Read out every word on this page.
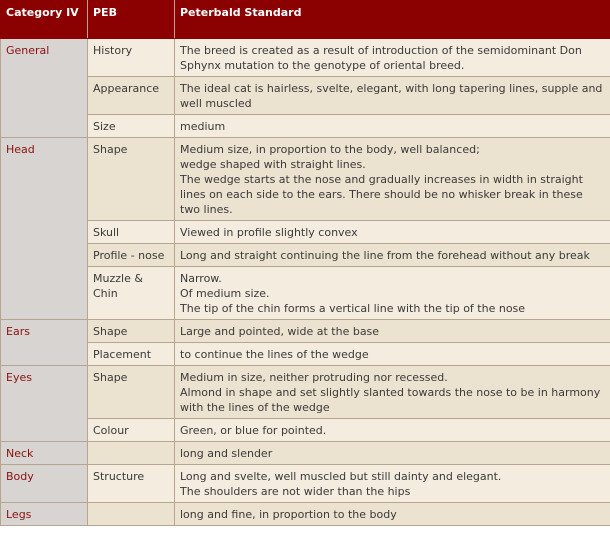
Category IV	PEB	Peterbald Standard
General	History	The breed is created as a result of introduction of the semidominant Don Sphynx mutation to the genotype of oriental breed.

	Appearance	The ideal cat is hairless, svelte, elegant, with long tapering lines, supple and well muscled

	Size	medium

Head	Shape	Medium size, in proportion to the body, well balanced;
wedge shaped with straight lines.
The wedge starts at the nose and gradually increases in width in straight lines on each side to the ears. There should be no whisker break in these two lines.

	Skull	Viewed in profile slightly convex

	Profile - nose	Long and straight continuing the line from the forehead without any break

	Muzzle & Chin	Narrow.
Of medium size.
The tip of the chin forms a vertical line with the tip of the nose

Ears	Shape	Large and pointed, wide at the base

	Placement	to continue the lines of the wedge

Eyes	Shape	Medium in size, neither protruding nor recessed.
Almond in shape and set slightly slanted towards the nose to be in harmony with the lines of the wedge

	Colour	Green, or blue for pointed.

Neck		long and slender

Body	Structure	Long and svelte, well muscled but still dainty and elegant.
The shoulders are not wider than the hips

Legs		long and fine, in proportion to the body
